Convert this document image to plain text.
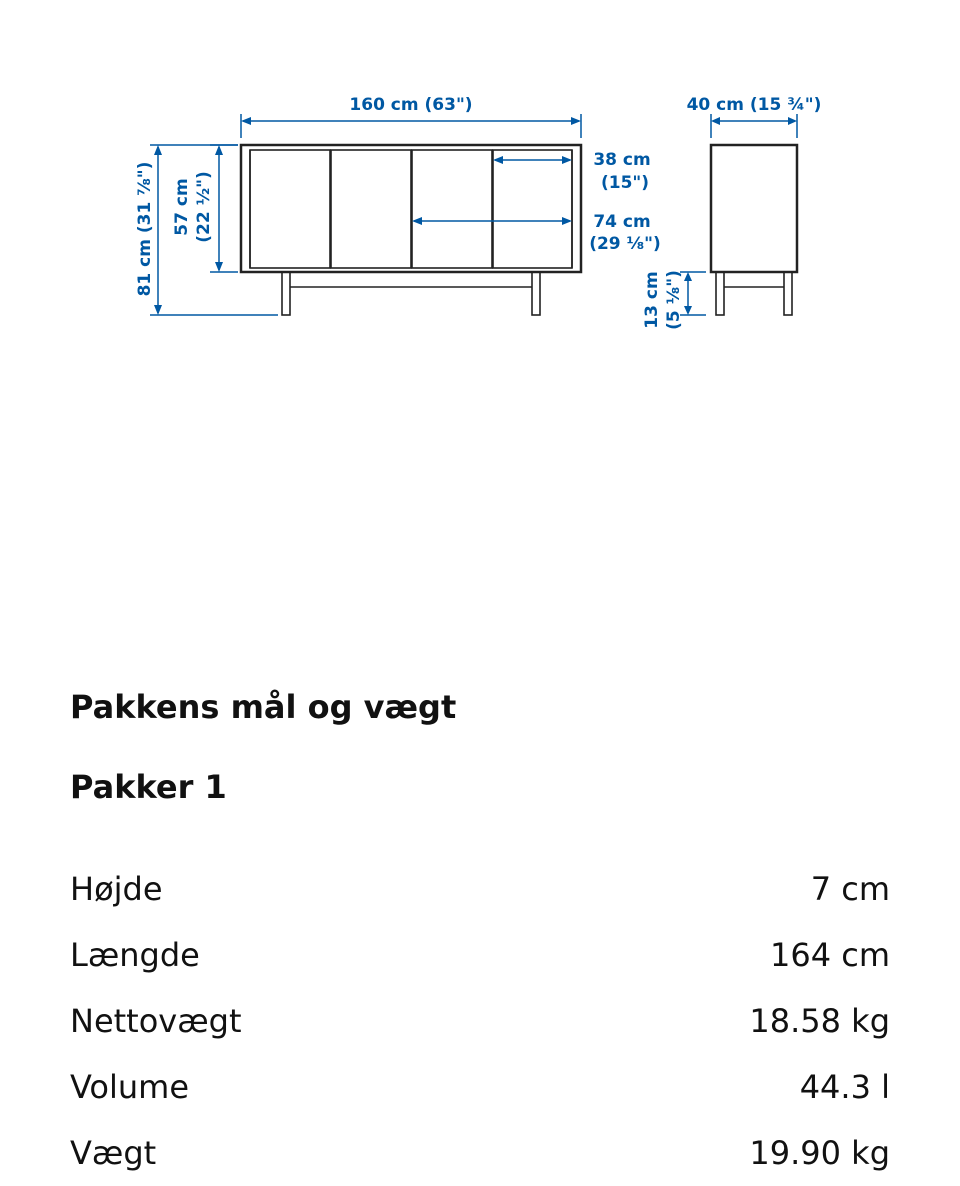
160 cm (63")	40 cm (15 ¾")
81 cm (31 ⅞") 57 cm (22 ½")
38 cm
(15")
74 cm
(29 ⅛")
13 cm (5 ⅛")
Pakkens mål og vægt
Pakker 1
Højde	7 cm
Længde	164 cm
Nettovægt	18.58 kg
Volume	44.3 l
Vægt	19.90 kg
